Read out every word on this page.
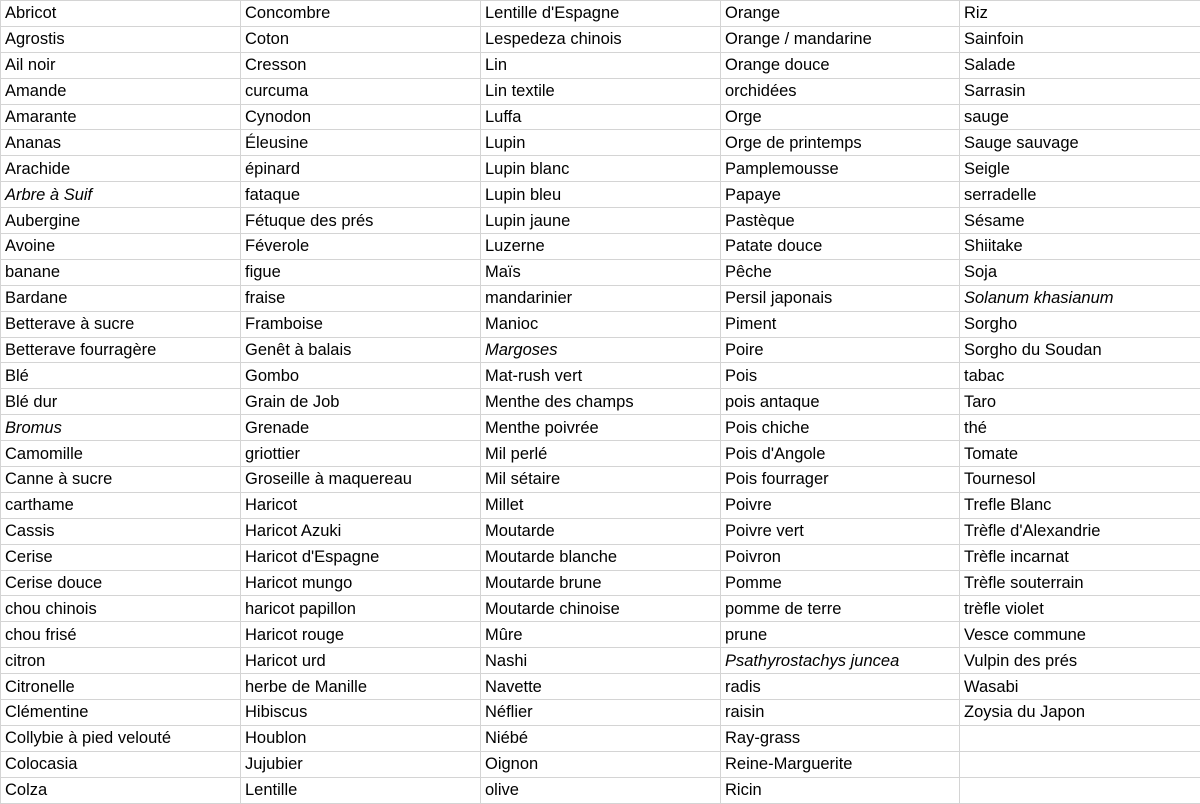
Abricot	Concombre	Lentille d'Espagne	Orange	Riz
Agrostis	Coton	Lespedeza chinois	Orange / mandarine	Sainfoin
Ail noir	Cresson	Lin	Orange douce	Salade
Amande	curcuma	Lin textile	orchidées	Sarrasin
Amarante	Cynodon	Luffa	Orge	sauge
Ananas	Éleusine	Lupin	Orge de printemps	Sauge sauvage
Arachide	épinard	Lupin blanc	Pamplemousse	Seigle
Arbre à Suif	fataque	Lupin bleu	Papaye	serradelle
Aubergine	Fétuque des prés	Lupin jaune	Pastèque	Sésame
Avoine	Féverole	Luzerne	Patate douce	Shiitake
banane	figue	Maïs	Pêche	Soja
Bardane	fraise	mandarinier	Persil japonais	Solanum khasianum
Betterave à sucre	Framboise	Manioc	Piment	Sorgho
Betterave fourragère	Genêt à balais	Margoses	Poire	Sorgho du Soudan
Blé	Gombo	Mat-rush vert	Pois	tabac
Blé dur	Grain de Job	Menthe des champs	pois antaque	Taro
Bromus	Grenade	Menthe poivrée	Pois chiche	thé
Camomille	griottier	Mil perlé	Pois d'Angole	Tomate
Canne à sucre	Groseille à maquereau	Mil sétaire	Pois fourrager	Tournesol
carthame	Haricot	Millet	Poivre	Trefle Blanc
Cassis	Haricot Azuki	Moutarde	Poivre vert	Trèfle d'Alexandrie
Cerise	Haricot d'Espagne	Moutarde blanche	Poivron	Trèfle incarnat
Cerise douce	Haricot mungo	Moutarde brune	Pomme	Trèfle souterrain
chou chinois	haricot papillon	Moutarde chinoise	pomme de terre	trèfle violet
chou frisé	Haricot rouge	Mûre	prune	Vesce commune
citron	Haricot urd	Nashi	Psathyrostachys juncea	Vulpin des prés
Citronelle	herbe de Manille	Navette	radis	Wasabi
Clémentine	Hibiscus	Néflier	raisin	Zoysia du Japon
Collybie à pied velouté	Houblon	Niébé	Ray-grass	
Colocasia	Jujubier	Oignon	Reine-Marguerite	
Colza	Lentille	olive	Ricin	
